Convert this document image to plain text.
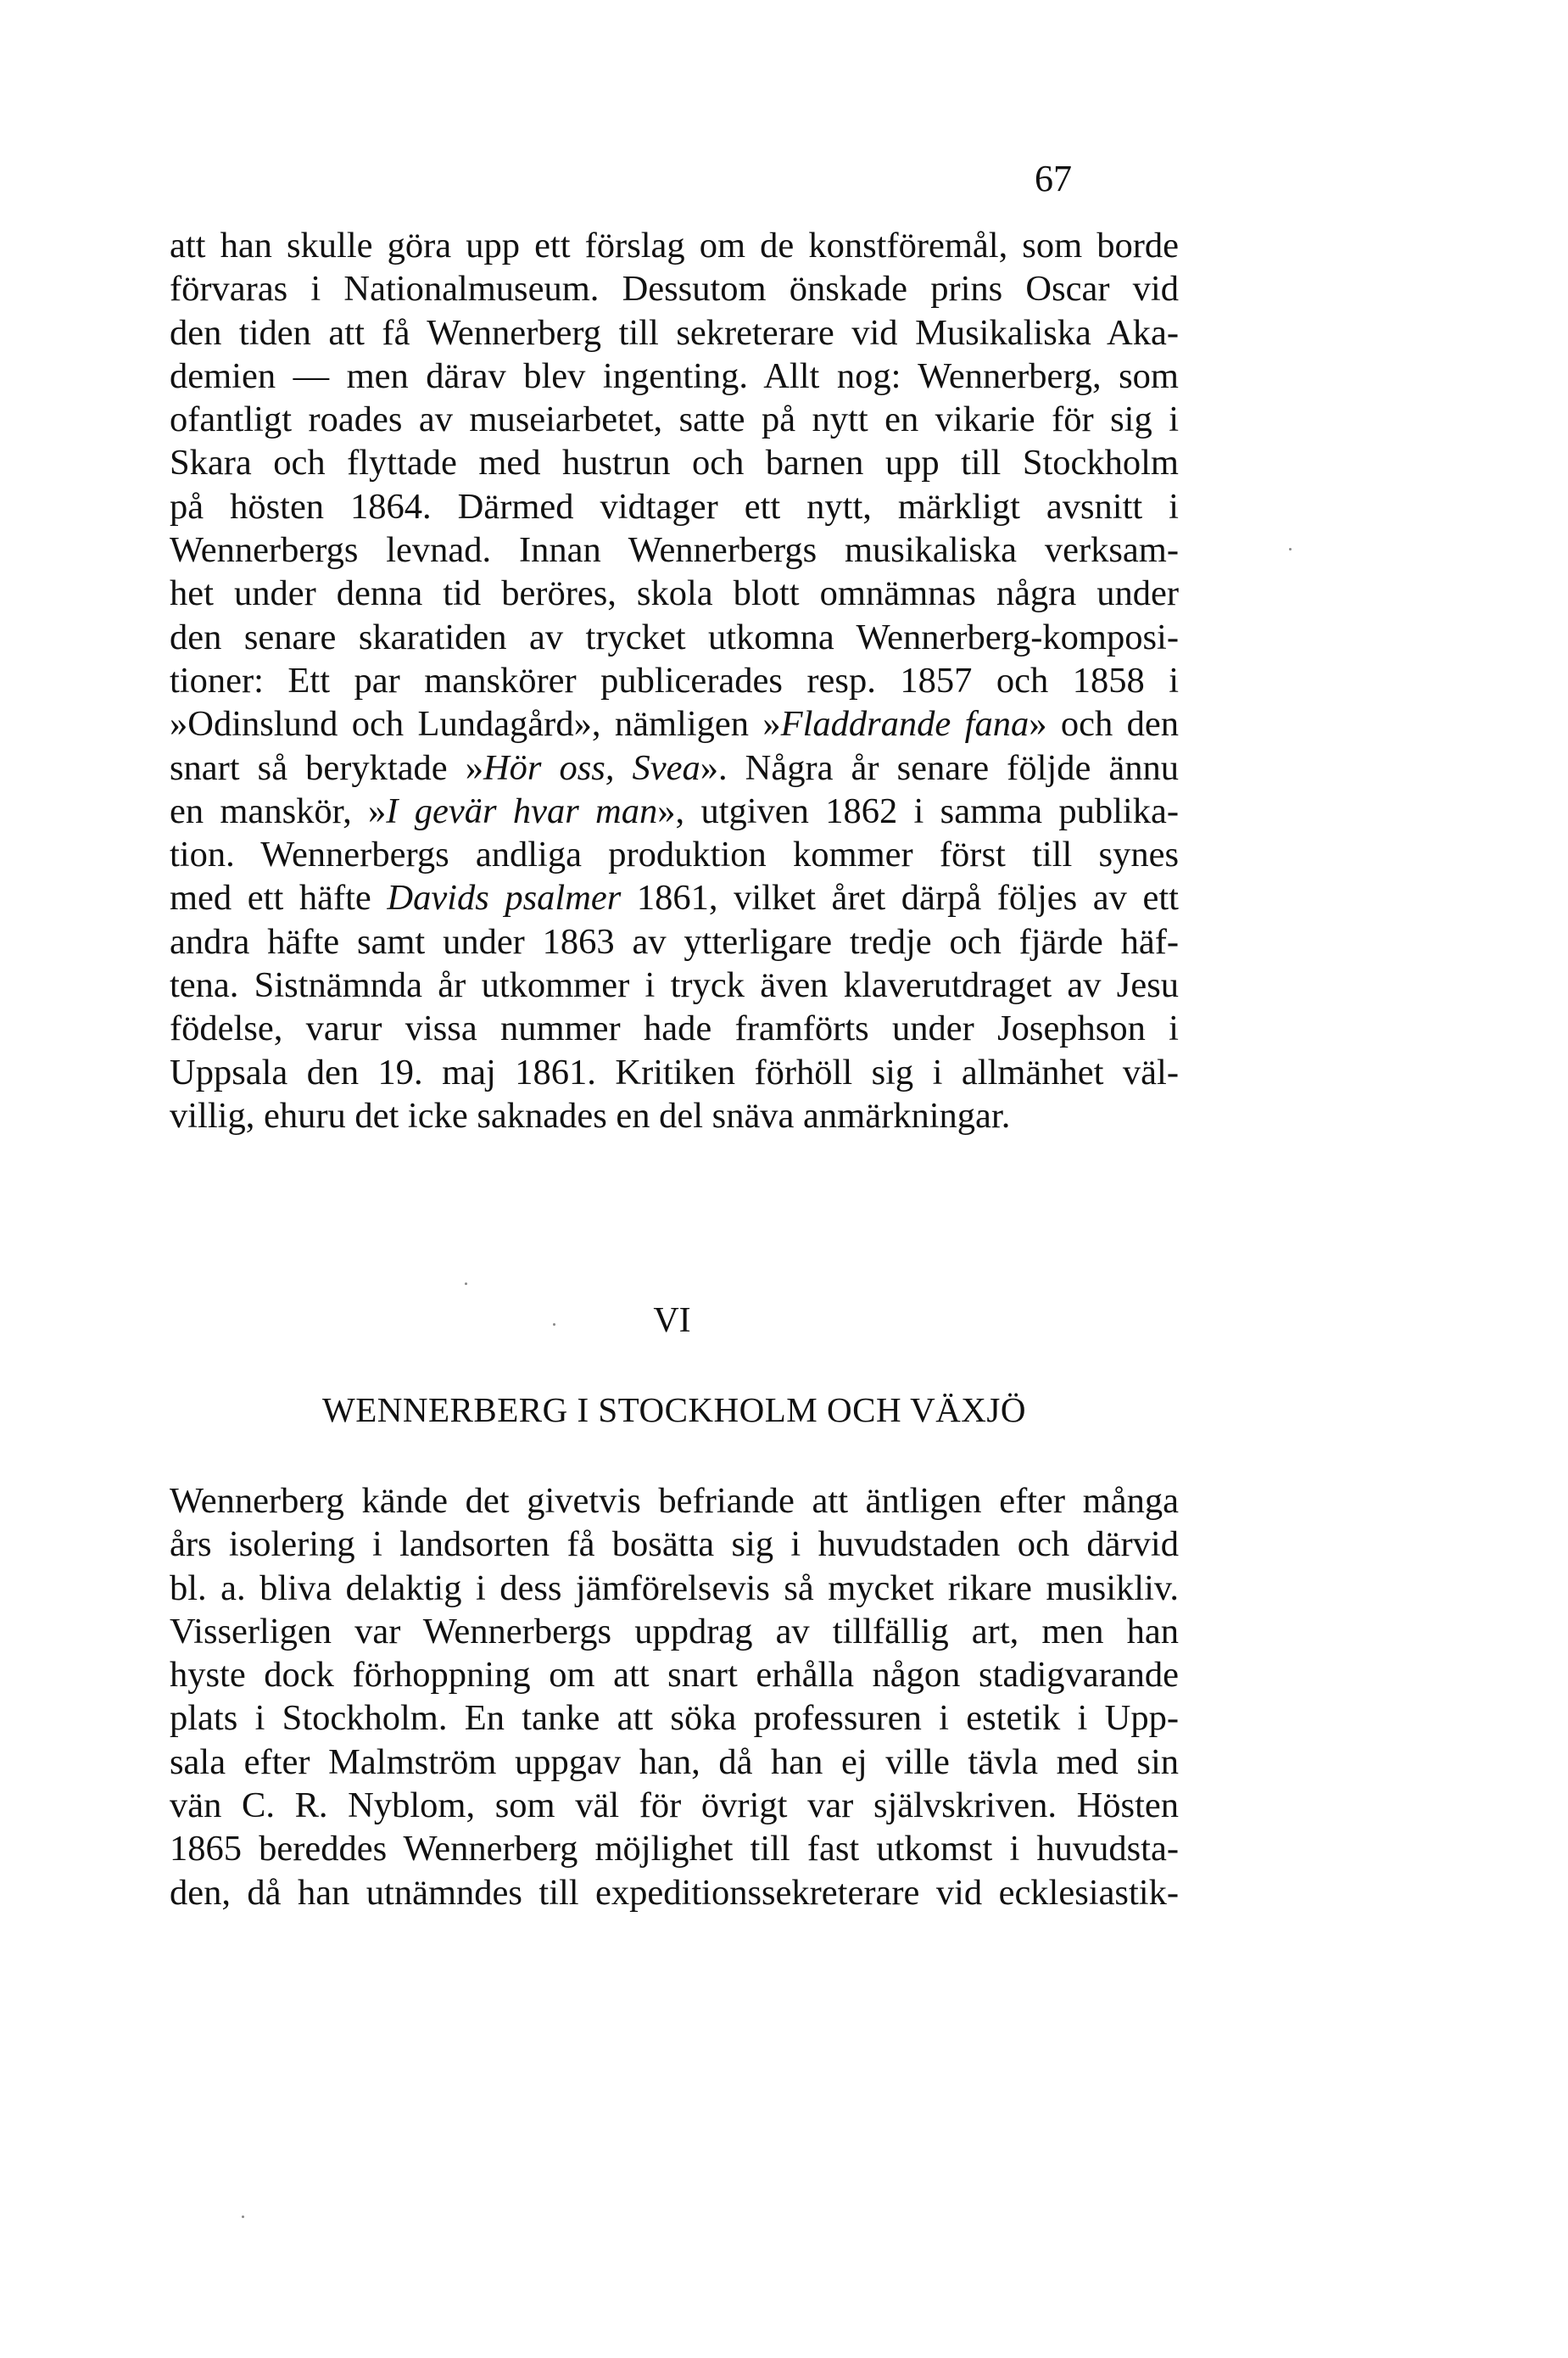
67
att han skulle göra upp ett förslag om de konstföremål, som borde
förvaras i Nationalmuseum. Dessutom önskade prins Oscar vid
den tiden att få Wennerberg till sekreterare vid Musikaliska Aka-
demien — men därav blev ingenting. Allt nog: Wennerberg, som
ofantligt roades av museiarbetet, satte på nytt en vikarie för sig i
Skara och flyttade med hustrun och barnen upp till Stockholm
på hösten 1864. Därmed vidtager ett nytt, märkligt avsnitt i
Wennerbergs levnad. Innan Wennerbergs musikaliska verksam-
het under denna tid beröres, skola blott omnämnas några under
den senare skaratiden av trycket utkomna Wennerberg-komposi-
tioner: Ett par manskörer publicerades resp. 1857 och 1858 i
»Odinslund och Lundagård», nämligen »Fladdrande fana» och den
snart så beryktade »Hör oss, Svea». Några år senare följde ännu
en manskör, »I gevär hvar man», utgiven 1862 i samma publika-
tion. Wennerbergs andliga produktion kommer först till synes
med ett häfte Davids psalmer 1861, vilket året därpå följes av ett
andra häfte samt under 1863 av ytterligare tredje och fjärde häf-
tena. Sistnämnda år utkommer i tryck även klaverutdraget av Jesu
födelse, varur vissa nummer hade framförts under Josephson i
Uppsala den 19. maj 1861. Kritiken förhöll sig i allmänhet väl-
villig, ehuru det icke saknades en del snäva anmärkningar.
VI
WENNERBERG I STOCKHOLM OCH VÄXJÖ
Wennerberg kände det givetvis befriande att äntligen efter många
års isolering i landsorten få bosätta sig i huvudstaden och därvid
bl. a. bliva delaktig i dess jämförelsevis så mycket rikare musikliv.
Visserligen var Wennerbergs uppdrag av tillfällig art, men han
hyste dock förhoppning om att snart erhålla någon stadigvarande
plats i Stockholm. En tanke att söka professuren i estetik i Upp-
sala efter Malmström uppgav han, då han ej ville tävla med sin
vän C. R. Nyblom, som väl för övrigt var självskriven. Hösten
1865 bereddes Wennerberg möjlighet till fast utkomst i huvudsta-
den, då han utnämndes till expeditionssekreterare vid ecklesiastik-
